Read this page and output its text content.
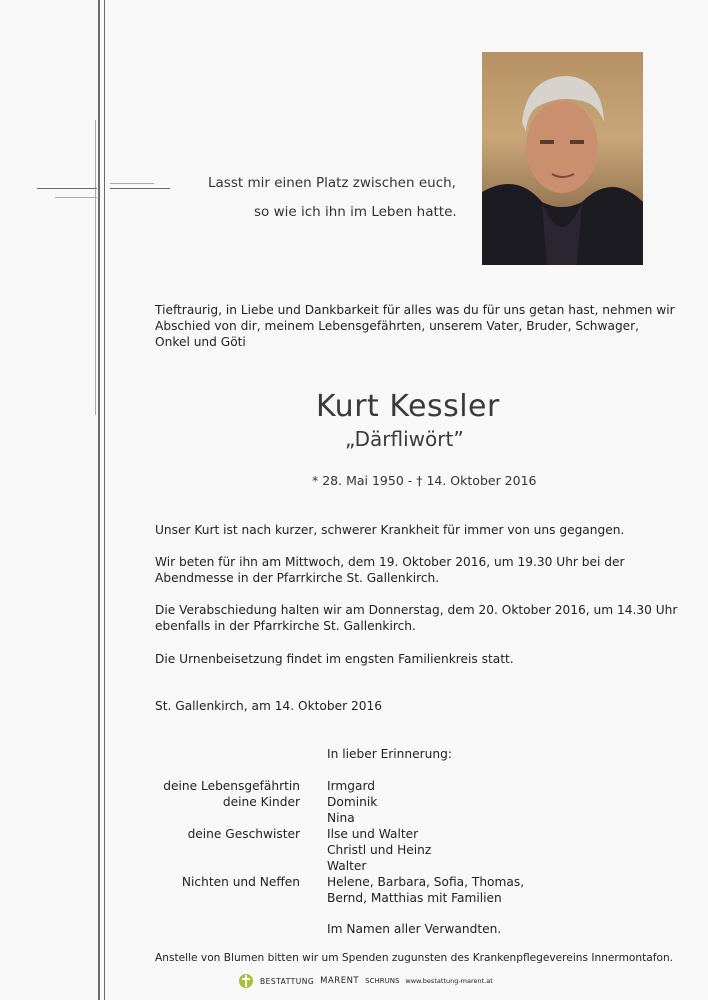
Lasst mir einen Platz zwischen euch,
so wie ich ihn im Leben hatte.
Tieftraurig, in Liebe und Dankbarkeit für alles was du für uns getan hast, nehmen wir
Abschied von dir, meinem Lebensgefährten, unserem Vater, Bruder, Schwager,
Onkel und Göti
Kurt Kessler
„Därfliwört”
* 28. Mai 1950 - † 14. Oktober 2016
Unser Kurt ist nach kurzer, schwerer Krankheit für immer von uns gegangen.
Wir beten für ihn am Mittwoch, dem 19. Oktober 2016, um 19.30 Uhr bei der
Abendmesse in der Pfarrkirche St. Gallenkirch.
Die Verabschiedung halten wir am Donnerstag, dem 20. Oktober 2016, um 14.30 Uhr
ebenfalls in der Pfarrkirche St. Gallenkirch.
Die Urnenbeisetzung findet im engsten Familienkreis statt.
St. Gallenkirch, am 14. Oktober 2016
In lieber Erinnerung:
deine Lebensgefährtin Irmgard
deine Kinder Dominik
Nina
deine Geschwister Ilse und Walter
Christl und Heinz
Walter
Nichten und Neffen Helene, Barbara, Sofia, Thomas,
Bernd, Matthias mit Familien
Im Namen aller Verwandten.
Anstelle von Blumen bitten wir um Spenden zugunsten des Krankenpflegevereins Innermontafon.
BESTATTUNG MARENT SCHRUNS www.bestattung-marent.at
